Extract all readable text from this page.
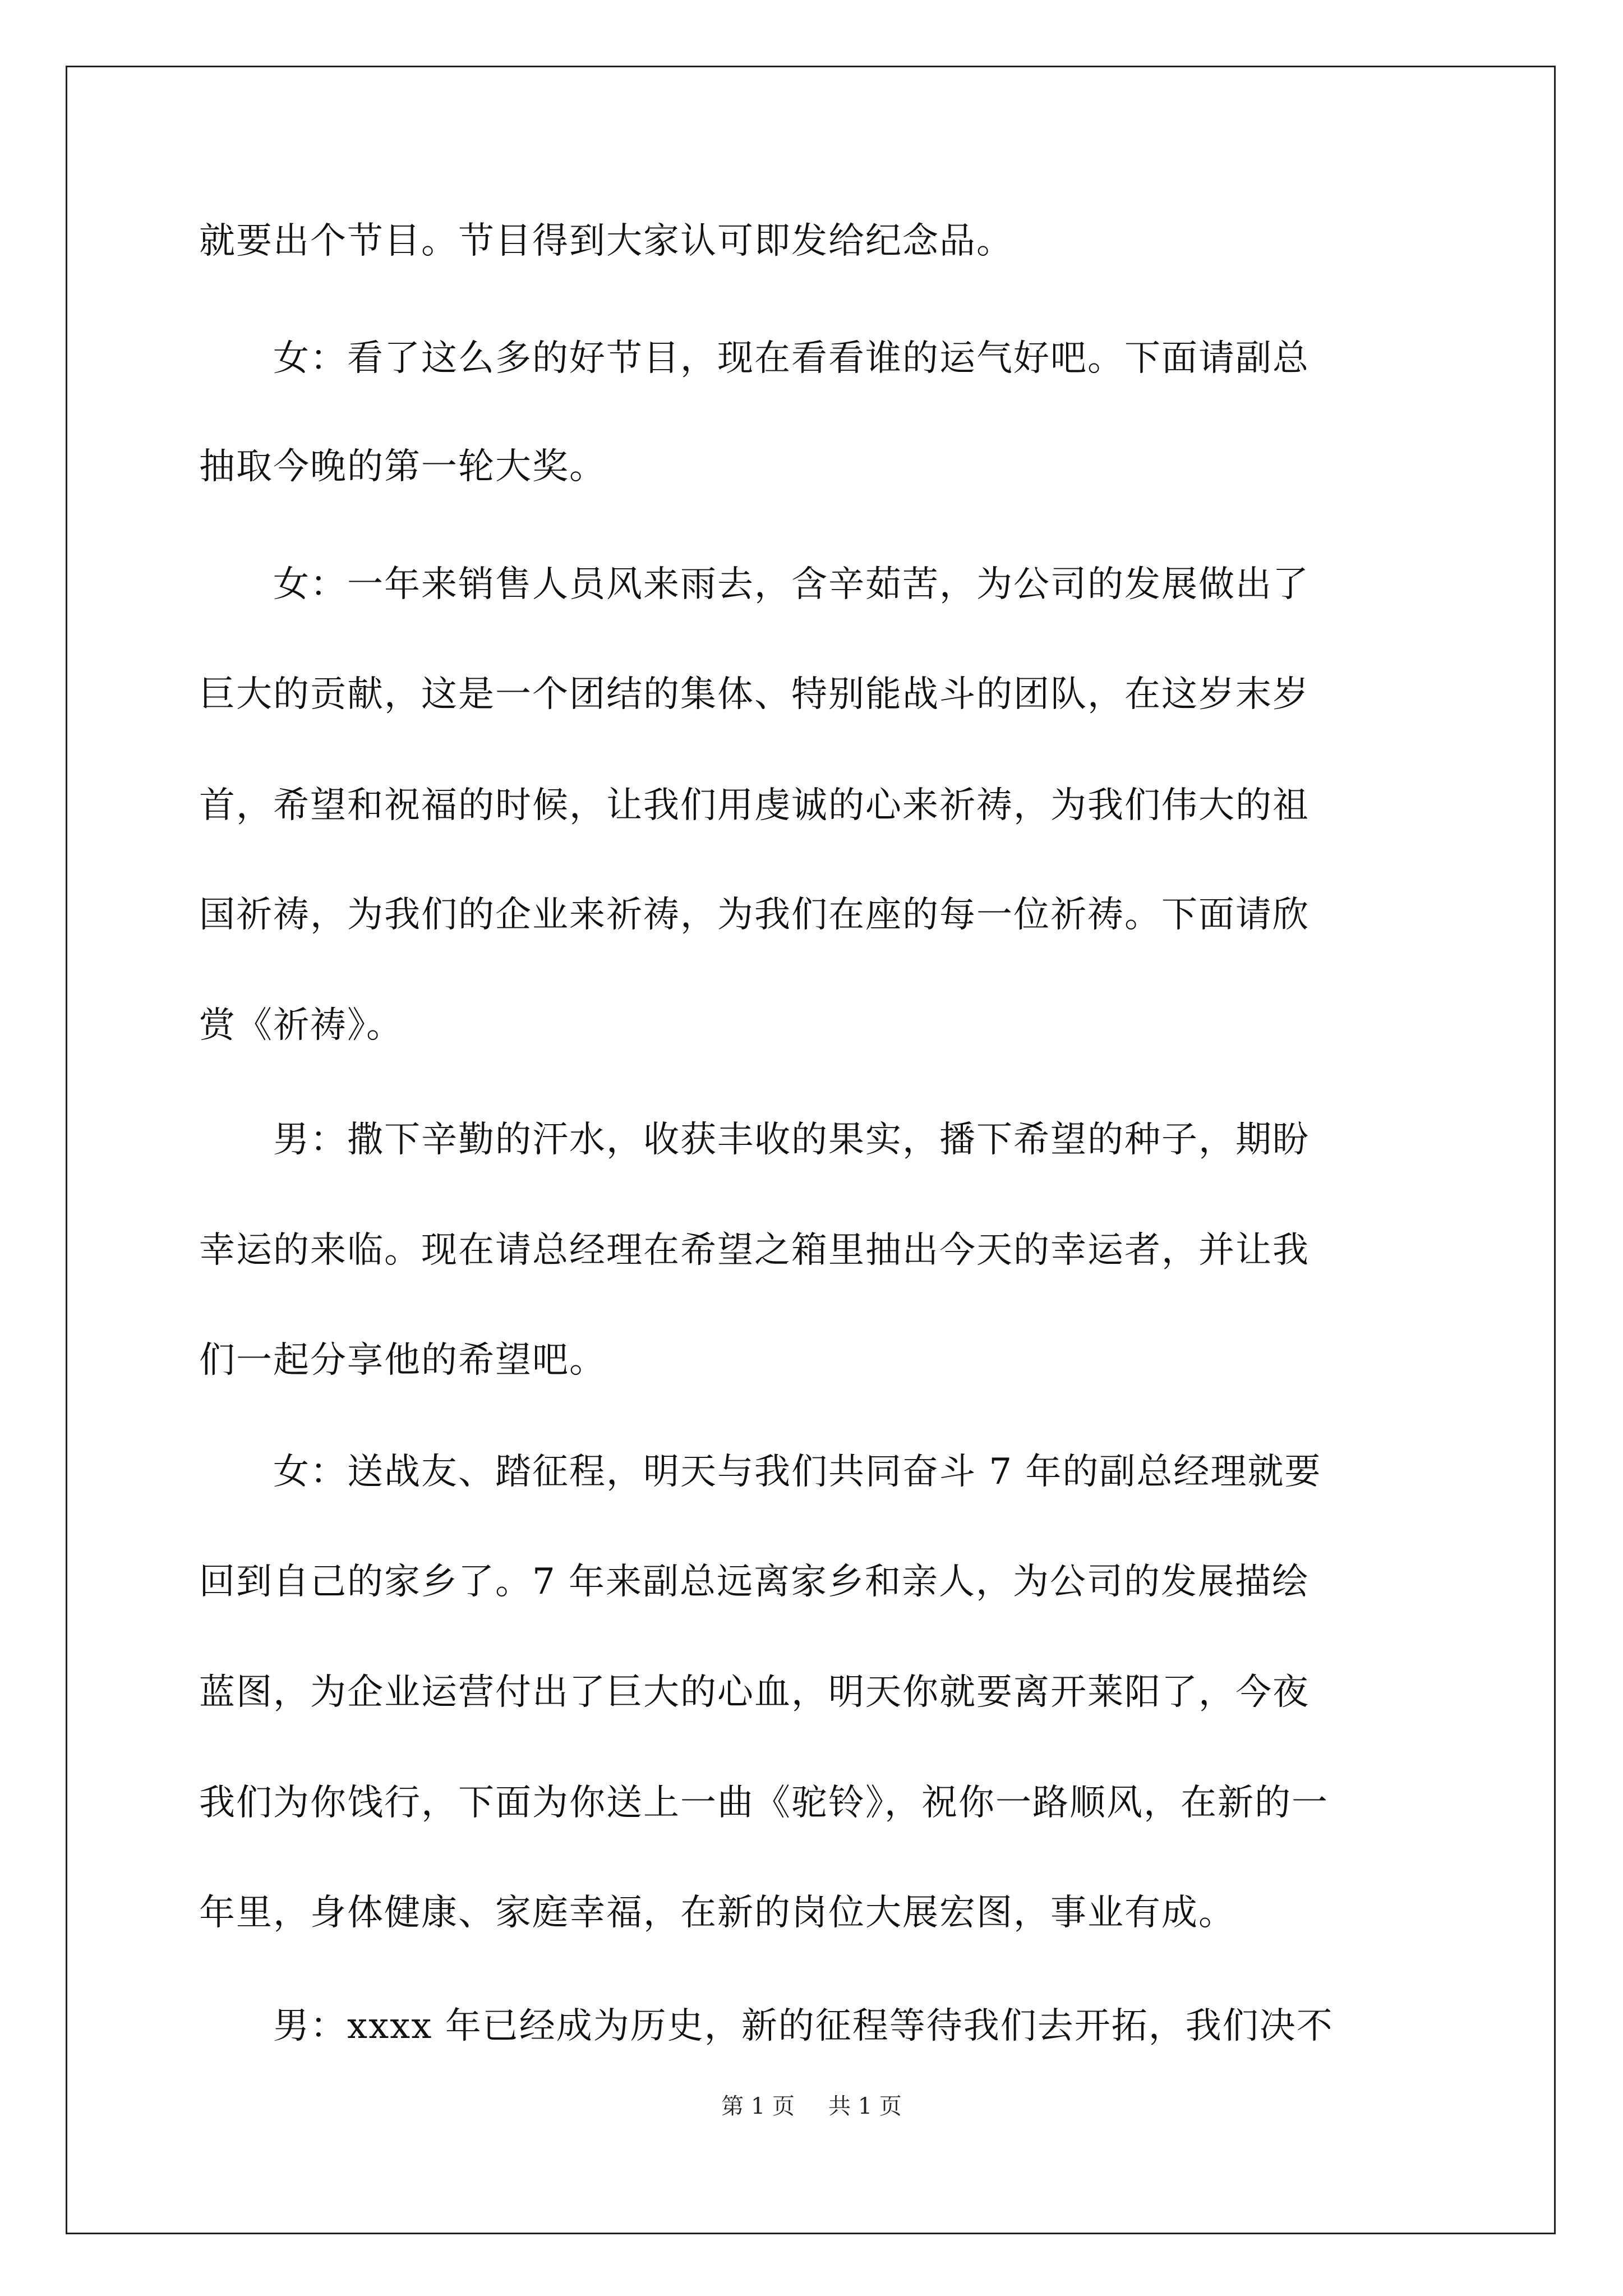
就要出个节目。节目得到大家认可即发给纪念品。
　　女：看了这么多的好节目，现在看看谁的运气好吧。下面请副总
抽取今晚的第一轮大奖。
　　女：一年来销售人员风来雨去，含辛茹苦，为公司的发展做出了
巨大的贡献，这是一个团结的集体、特别能战斗的团队，在这岁末岁
首，希望和祝福的时候，让我们用虔诚的心来祈祷，为我们伟大的祖
国祈祷，为我们的企业来祈祷，为我们在座的每一位祈祷。下面请欣
赏《祈祷》。
　　男：撒下辛勤的汗水，收获丰收的果实，播下希望的种子，期盼
幸运的来临。现在请总经理在希望之箱里抽出今天的幸运者，并让我
们一起分享他的希望吧。
　　女：送战友、踏征程，明天与我们共同奋斗 7 年的副总经理就要
回到自己的家乡了。7 年来副总远离家乡和亲人，为公司的发展描绘
蓝图，为企业运营付出了巨大的心血，明天你就要离开莱阳了，今夜
我们为你饯行，下面为你送上一曲《驼铃》，祝你一路顺风，在新的一
年里，身体健康、家庭幸福，在新的岗位大展宏图，事业有成。
　　男：xxxx 年已经成为历史，新的征程等待我们去开拓，我们决不
第 1 页 共 1 页
